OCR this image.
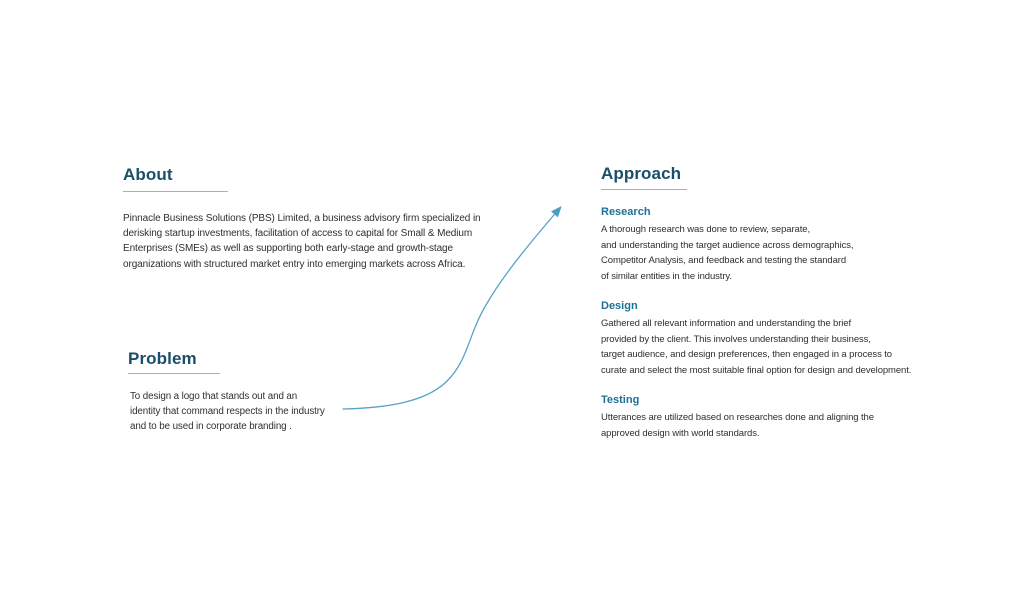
About
Pinnacle Business Solutions (PBS) Limited, a business advisory firm specialized in
derisking startup investments, facilitation of access to capital for Small & Medium
Enterprises (SMEs) as well as supporting both early-stage and growth-stage
organizations with structured market entry into emerging markets across Africa.
Problem
To design a logo that stands out and an
identity that command respects in the industry
and to be used in corporate branding .
Approach
Research
A thorough research was done to review, separate,
and understanding the target audience across demographics,
Competitor Analysis, and feedback and testing the standard
of similar entities in the industry.
Design
Gathered all relevant information and understanding the brief
provided by the client. This involves understanding their business,
target audience, and design preferences, then engaged in a process to
curate and select the most suitable final option for design and development.
Testing
Utterances are utilized based on researches done and aligning the
approved design with world standards.
